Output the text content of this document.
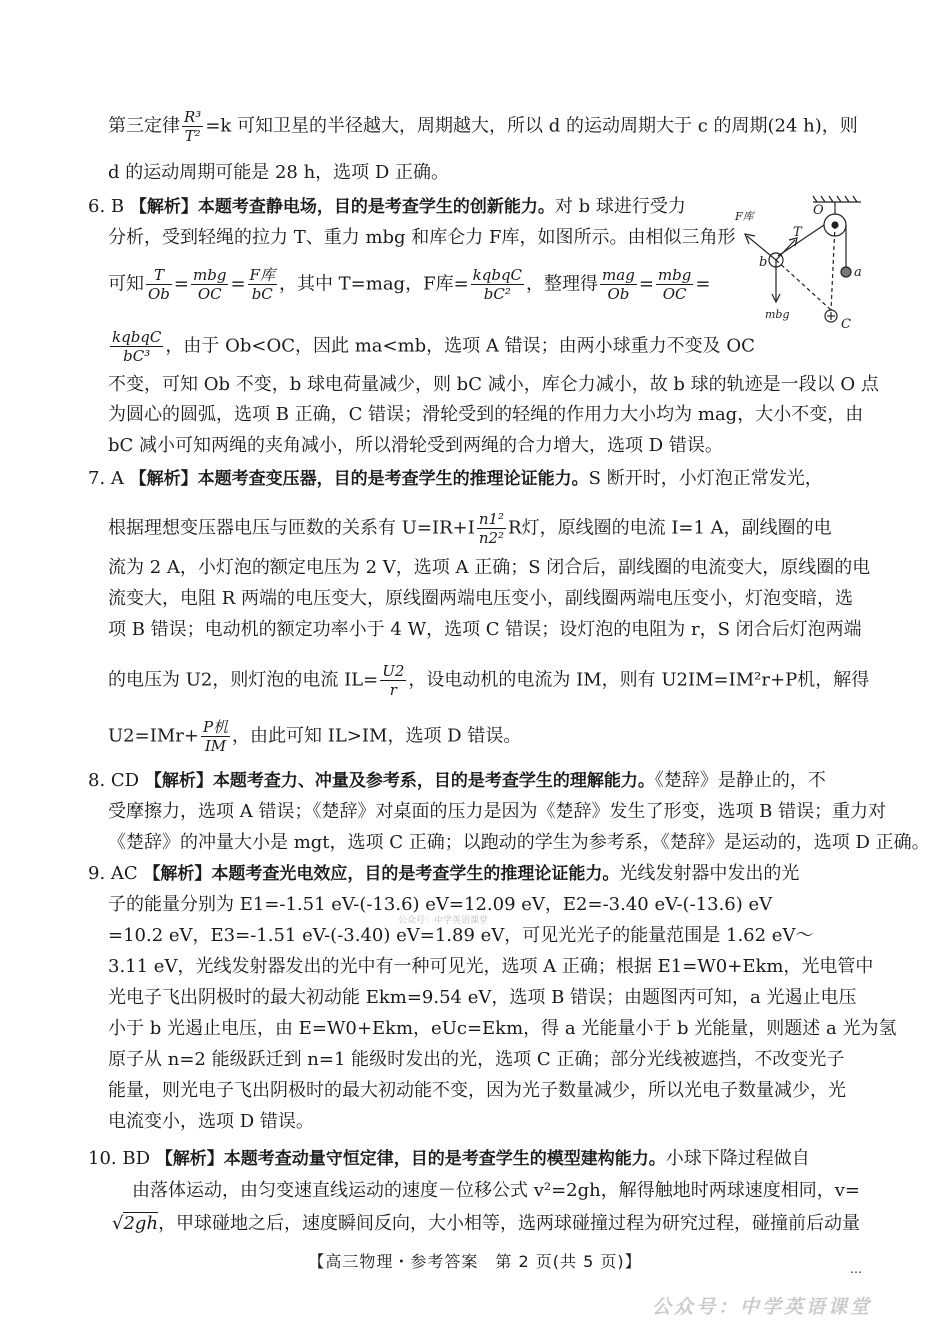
第三定律 $\frac{\text{R³}}{\text{T²}} =k$ 可知卫星的半径越大，周期越大，所以 d 的运动周期大于 c 的周期(24 h)，则
d 的运动周期可能是 28 h，选项 D 正确。
6. B 【解析】本题考查静电场，目的是考查学生的创新能力。对 b 球进行受力
分析，受到轻绳的拉力 T、重力 mbg 和库仑力 F库，如图所示。由相似三角形
可知 $\frac{T}{Ob} = \frac{\text{mbg}}{OC} = \frac{\text{F库}}{bC}$ ，其中 T=mag，F库= $\frac{\text{kqbqC}}{\text{bC²}}$ ，整理得 $\frac{\text{mag}}{Ob} = \frac{\text{mbg}}{OC}$ =
$\frac{\text{kqbqC}}{\text{bC³}}$ ，由于 Ob<OC，因此 ma<mb，选项 A 错误；由两小球重力不变及 OC
不变，可知 Ob 不变，b 球电荷量减少，则 bC 减小，库仑力减小，故 b 球的轨迹是一段以 O 点
为圆心的圆弧，选项 B 正确，C 错误；滑轮受到的轻绳的作用力大小均为 mag，大小不变，由
bC 减小可知两绳的夹角减小，所以滑轮受到两绳的合力增大，选项 D 错误。
O
T
b
a
C
F库
mbg
7. A 【解析】本题考查变压器，目的是考查学生的推理论证能力。S 断开时，小灯泡正常发光，
根据理想变压器电压与匝数的关系有 $U=IR+I \frac{\text{n1²}}{\text{n2²}}$ R灯，原线圈的电流 I=1 A，副线圈的电
流为 2 A，小灯泡的额定电压为 2 V，选项 A 正确；S 闭合后，副线圈的电流变大，原线圈的电
流变大，电阻 R 两端的电压变大，原线圈两端电压变小，副线圈两端电压变小，灯泡变暗，选
项 B 错误；电动机的额定功率小于 4 W，选项 C 错误；设灯泡的电阻为 r，S 闭合后灯泡两端
的电压为 U2，则灯泡的电流 $IL= \frac{U2}{r}$ ，设电动机的电流为 IM，则有 U2IM=IM²r+P机，解得
$U2=IMr+ \frac{\text{P机}}{IM}$ ，由此可知 IL>IM，选项 D 错误。
8. CD 【解析】本题考查力、冲量及参考系，目的是考查学生的理解能力。《楚辞》是静止的，不
受摩擦力，选项 A 错误；《楚辞》对桌面的压力是因为《楚辞》发生了形变，选项 B 错误；重力对
《楚辞》的冲量大小是 mgt，选项 C 正确；以跑动的学生为参考系，《楚辞》是运动的，选项 D 正确。
9. AC 【解析】本题考查光电效应，目的是考查学生的推理论证能力。光线发射器中发出的光
子的能量分别为 E1=-1.51 eV-(-13.6) eV=12.09 eV，E2=-3.40 eV-(-13.6) eV
=10.2 eV，E3=-1.51 eV-(-3.40) eV=1.89 eV，可见光光子的能量范围是 1.62 eV～
3.11 eV，光线发射器发出的光中有一种可见光，选项 A 正确；根据 E1=W0+Ekm，光电管中
光电子飞出阴极时的最大初动能 Ekm=9.54 eV，选项 B 错误；由题图丙可知，a 光遏止电压
小于 b 光遏止电压，由 E=W0+Ekm，eUc=Ekm，得 a 光能量小于 b 光能量，则题述 a 光为氢
原子从 n=2 能级跃迁到 n=1 能级时发出的光，选项 C 正确；部分光线被遮挡，不改变光子
能量，则光电子飞出阴极时的最大初动能不变，因为光子数量减少，所以光电子数量减少，光
电流变小，选项 D 错误。
10. BD 【解析】本题考查动量守恒定律，目的是考查学生的模型建构能力。小球下降过程做自
由落体运动，由匀变速直线运动的速度－位移公式 v²=2gh，解得触地时两球速度相同，v=
√2gh，甲球碰地之后，速度瞬间反向，大小相等，选两球碰撞过程为研究过程，碰撞前后动量
公众号：中学英语课堂
【高三物理・参考答案　第 2 页(共 5 页)】	…
公众号：中学英语课堂
